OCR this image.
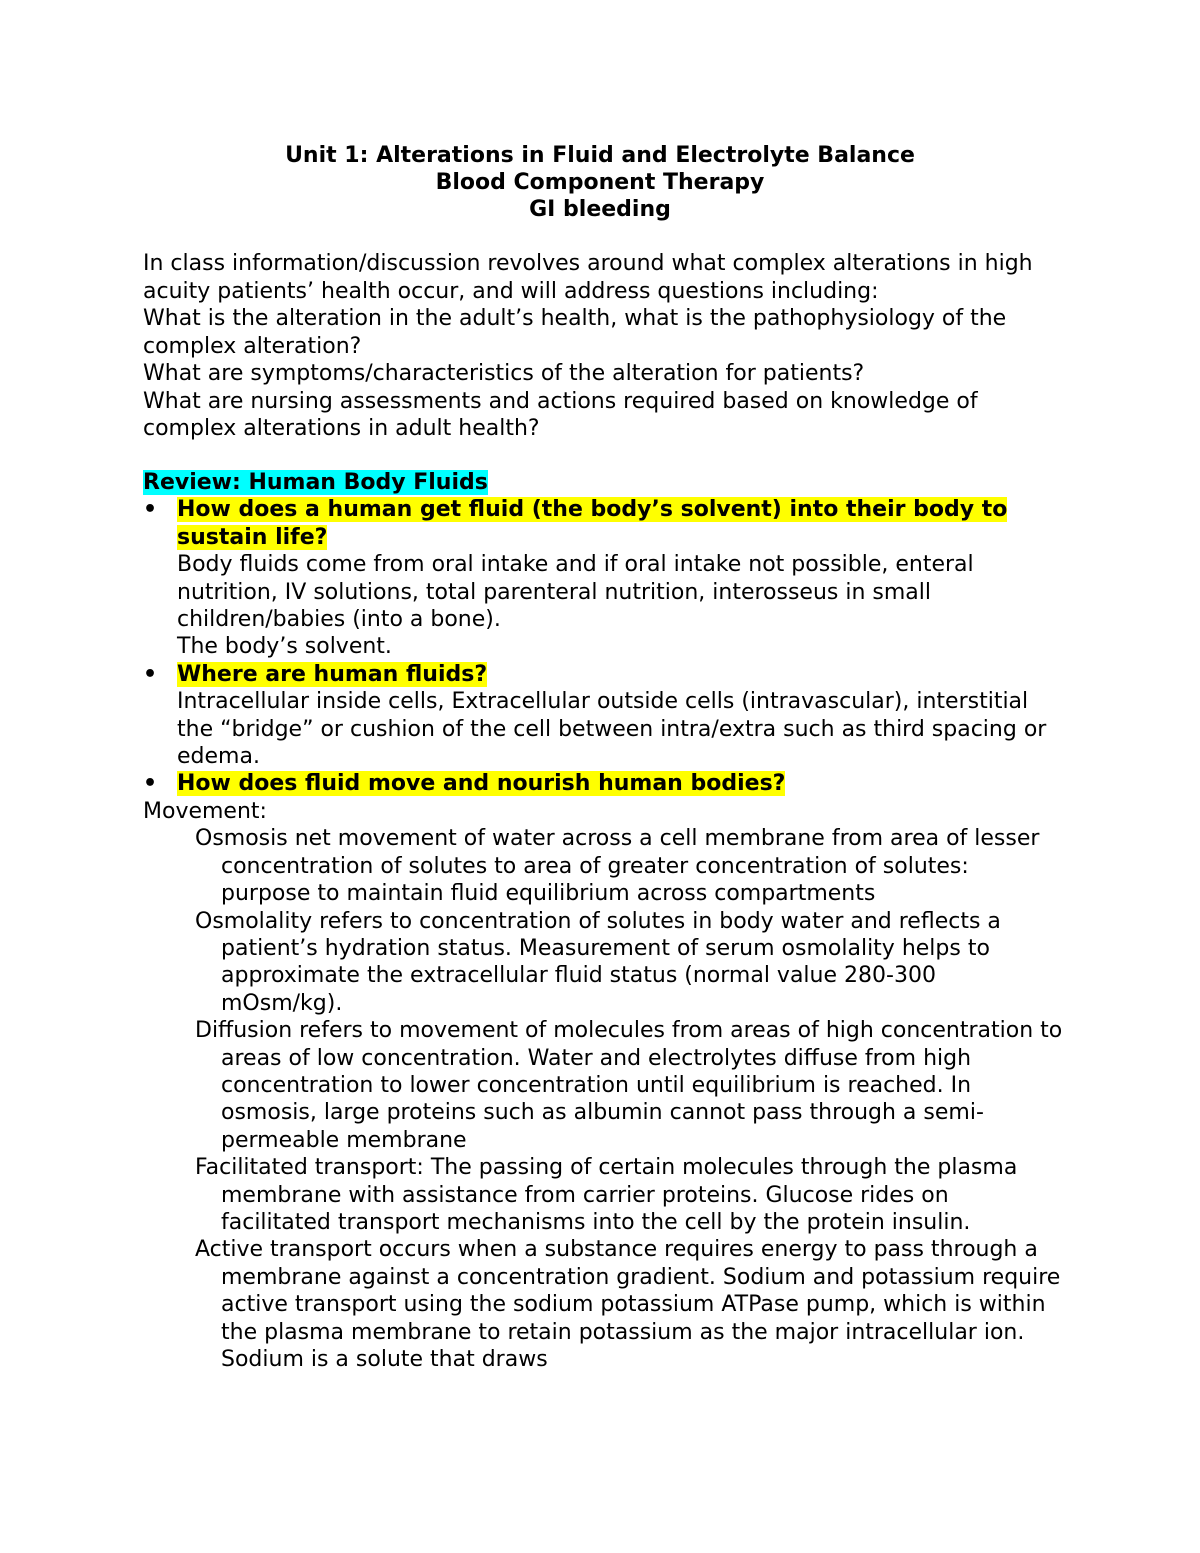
Unit 1: Alterations in Fluid and Electrolyte Balance
Blood Component Therapy
GI bleeding

In class information/discussion revolves around what complex alterations in high acuity patients’ health occur, and will address questions including:

What is the alteration in the adult’s health, what is the pathophysiology of the complex alteration?

What are symptoms/characteristics of the alteration for patients?

What are nursing assessments and actions required based on knowledge of complex alterations in adult health?

Review: Human Body Fluids
• How does a human get fluid (the body’s solvent) into their body to sustain life?

Body fluids come from oral intake and if oral intake not possible, enteral nutrition, IV solutions, total parenteral nutrition, interosseus in small children/babies (into a bone).

The body’s solvent.

• Where are human fluids?

Intracellular inside cells, Extracellular outside cells (intravascular), interstitial the “bridge” or cushion of the cell between intra/extra such as third spacing or edema.

• How does fluid move and nourish human bodies?
Movement:

Osmosis net movement of water across a cell membrane from area of lesser concentration of solutes to area of greater concentration of solutes: purpose to maintain fluid equilibrium across compartments

Osmolality refers to concentration of solutes in body water and reflects a patient’s hydration status. Measurement of serum osmolality helps to approximate the extracellular fluid status (normal value 280-300 mOsm/kg).

Diffusion refers to movement of molecules from areas of high concentration to areas of low concentration. Water and electrolytes diffuse from high concentration to lower concentration until equilibrium is reached. In osmosis, large proteins such as albumin cannot pass through a semi-permeable membrane

Facilitated transport: The passing of certain molecules through the plasma membrane with assistance from carrier proteins. Glucose rides on facilitated transport mechanisms into the cell by the protein insulin.

Active transport occurs when a substance requires energy to pass through a membrane against a concentration gradient. Sodium and potassium require active transport using the sodium potassium ATPase pump, which is within the plasma membrane to retain potassium as the major intracellular ion. Sodium is a solute that draws
